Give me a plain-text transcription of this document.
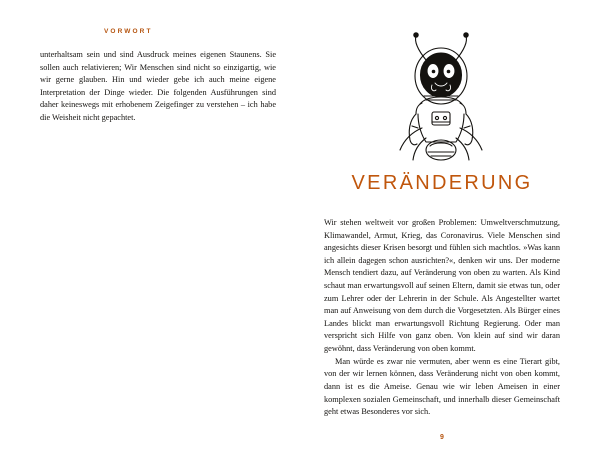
VORWORT

unterhaltsam sein und sind Ausdruck meines eigenen Staunens. Sie sollen auch relativieren; Wir Menschen sind nicht so einzigartig, wie wir gerne glauben. Hin und wieder gebe ich auch meine eigene Interpretation der Dinge wieder. Die folgenden Ausführungen sind daher keineswegs mit erhobenem Zeigefinger zu verstehen – ich habe die Weisheit nicht gepachtet.

VERÄNDERUNG

Wir stehen weltweit vor großen Problemen: Umweltverschmutzung, Klimawandel, Armut, Krieg, das Coronavirus. Viele Menschen sind angesichts dieser Krisen besorgt und fühlen sich machtlos. »Was kann ich allein dagegen schon ausrichten?«, denken wir uns. Der moderne Mensch tendiert dazu, auf Veränderung von oben zu warten. Als Kind schaut man erwartungsvoll auf seinen Eltern, damit sie etwas tun, oder zum Lehrer oder der Lehrerin in der Schule. Als Angestellter wartet man auf Anweisung von dem durch die Vorgesetzten. Als Bürger eines Landes blickt man erwartungsvoll Richtung Regierung. Oder man verspricht sich Hilfe von ganz oben. Von klein auf sind wir daran gewöhnt, dass Veränderung von oben kommt.

Man würde es zwar nie vermuten, aber wenn es eine Tierart gibt, von der wir lernen können, dass Veränderung nicht von oben kommt, dann ist es die Ameise. Genau wie wir leben Ameisen in einer komplexen sozialen Gemeinschaft, und innerhalb dieser Gemeinschaft geht etwas Besonderes vor sich.

9
